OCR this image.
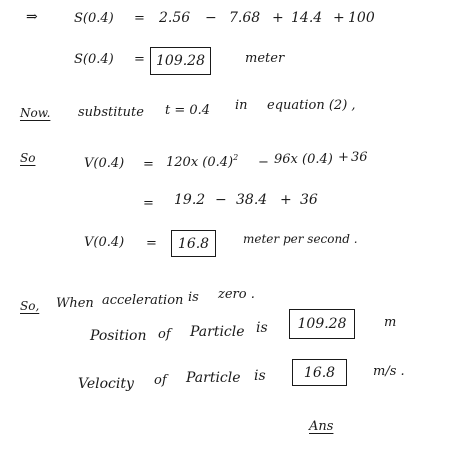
⇒	S(0.4) = 2.56 − 7.68 + 14.4 + 100
S(0.4) = 109.28	meter
Now. substitute t = 0.4 in equation (2) ,
So	V(0.4) = 120x $(0.4)^2 - 96x$ (0.4) + 36
= 19.2 − 38.4 + 36
V(0.4) =	16.8	meter per second .
So, When acceleration is zero .
Position of Particle is	109.28	m
Velocity of Particle is	16.8	m/s .
Ans
